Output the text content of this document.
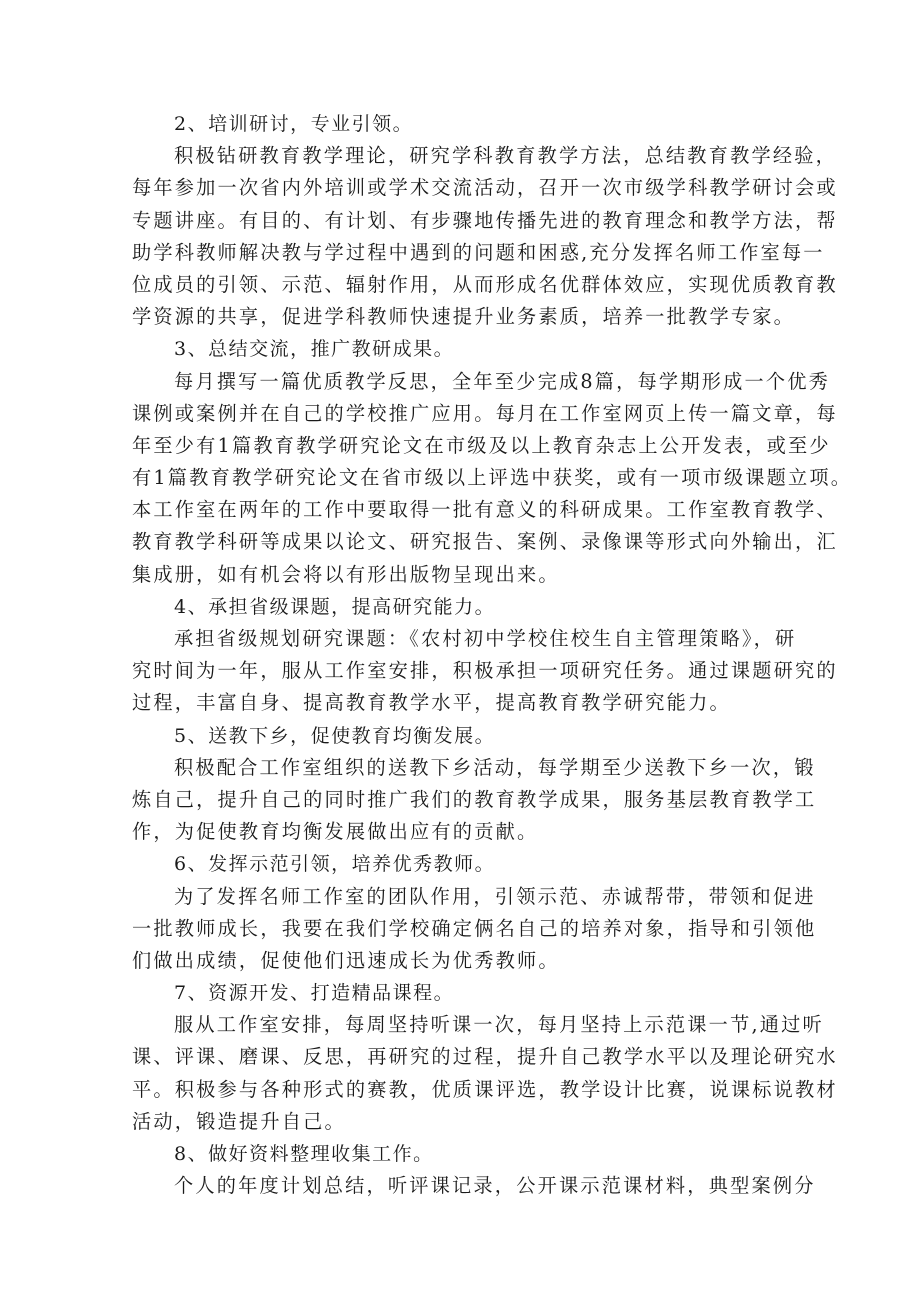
2、培训研讨，专业引领。
积极钻研教育教学理论，研究学科教育教学方法，总结教育教学经验，
每年参加一次省内外培训或学术交流活动，召开一次市级学科教学研讨会或
专题讲座。有目的、有计划、有步骤地传播先进的教育理念和教学方法，帮
助学科教师解决教与学过程中遇到的问题和困惑,充分发挥名师工作室每一
位成员的引领、示范、辐射作用，从而形成名优群体效应，实现优质教育教
学资源的共享，促进学科教师快速提升业务素质，培养一批教学专家。
3、总结交流，推广教研成果。
每月撰写一篇优质教学反思，全年至少完成8篇，每学期形成一个优秀
课例或案例并在自己的学校推广应用。每月在工作室网页上传一篇文章，每
年至少有1篇教育教学研究论文在市级及以上教育杂志上公开发表，或至少
有1篇教育教学研究论文在省市级以上评选中获奖，或有一项市级课题立项。
本工作室在两年的工作中要取得一批有意义的科研成果。工作室教育教学、
教育教学科研等成果以论文、研究报告、案例、录像课等形式向外输出，汇
集成册，如有机会将以有形出版物呈现出来。
4、承担省级课题，提高研究能力。
承担省级规划研究课题：《农村初中学校住校生自主管理策略》，研
究时间为一年，服从工作室安排，积极承担一项研究任务。通过课题研究的
过程，丰富自身、提高教育教学水平，提高教育教学研究能力。
5、送教下乡，促使教育均衡发展。
积极配合工作室组织的送教下乡活动，每学期至少送教下乡一次，锻
炼自己，提升自己的同时推广我们的教育教学成果，服务基层教育教学工
作，为促使教育均衡发展做出应有的贡献。
6、发挥示范引领，培养优秀教师。
为了发挥名师工作室的团队作用，引领示范、赤诚帮带，带领和促进
一批教师成长，我要在我们学校确定俩名自己的培养对象，指导和引领他
们做出成绩，促使他们迅速成长为优秀教师。
7、资源开发、打造精品课程。
服从工作室安排，每周坚持听课一次，每月坚持上示范课一节,通过听
课、评课、磨课、反思，再研究的过程，提升自己教学水平以及理论研究水
平。积极参与各种形式的赛教，优质课评选，教学设计比赛，说课标说教材
活动，锻造提升自己。
8、做好资料整理收集工作。
个人的年度计划总结，听评课记录，公开课示范课材料，典型案例分
